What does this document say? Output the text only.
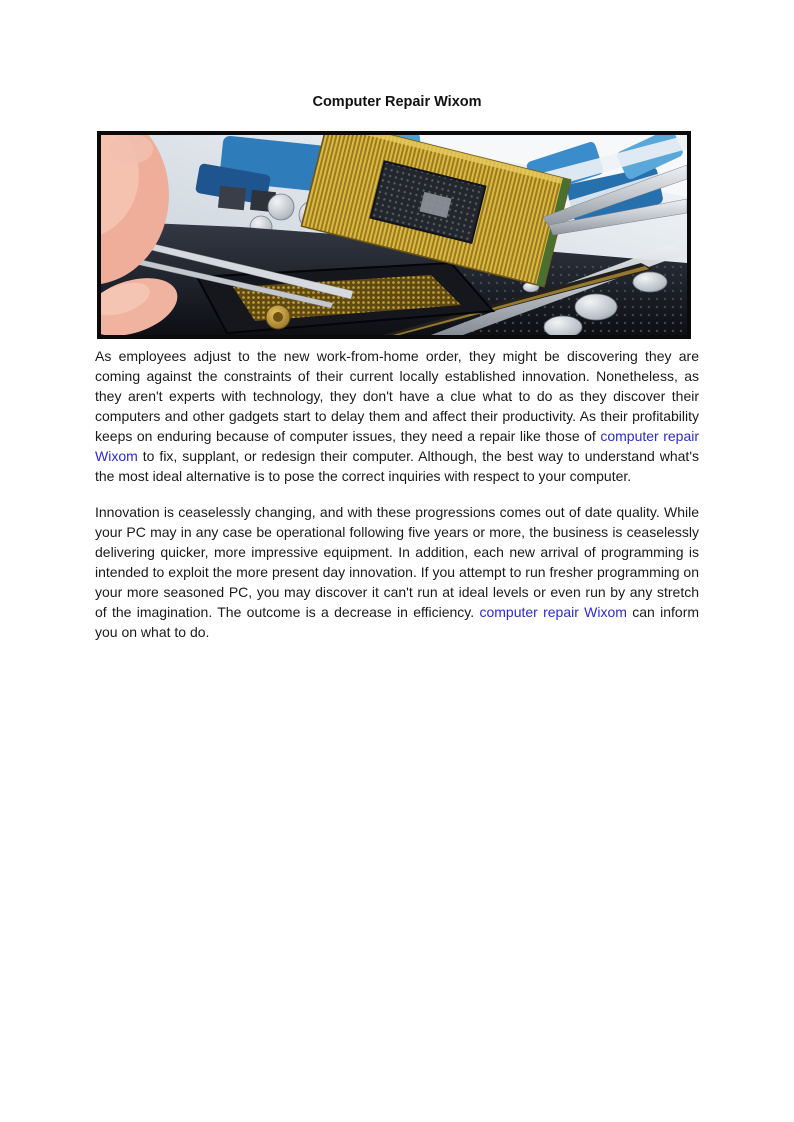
Computer Repair Wixom

As employees adjust to the new work-from-home order, they might be discovering they are coming against the constraints of their current locally established innovation. Nonetheless, as they aren't experts with technology, they don't have a clue what to do as they discover their computers and other gadgets start to delay them and affect their productivity. As their profitability keeps on enduring because of computer issues, they need a repair like those of computer repair Wixom to fix, supplant, or redesign their computer. Although, the best way to understand what's the most ideal alternative is to pose the correct inquiries with respect to your computer.

Innovation is ceaselessly changing, and with these progressions comes out of date quality. While your PC may in any case be operational following five years or more, the business is ceaselessly delivering quicker, more impressive equipment. In addition, each new arrival of programming is intended to exploit the more present day innovation. If you attempt to run fresher programming on your more seasoned PC, you may discover it can't run at ideal levels or even run by any stretch of the imagination. The outcome is a decrease in efficiency. computer repair Wixom can inform you on what to do.
